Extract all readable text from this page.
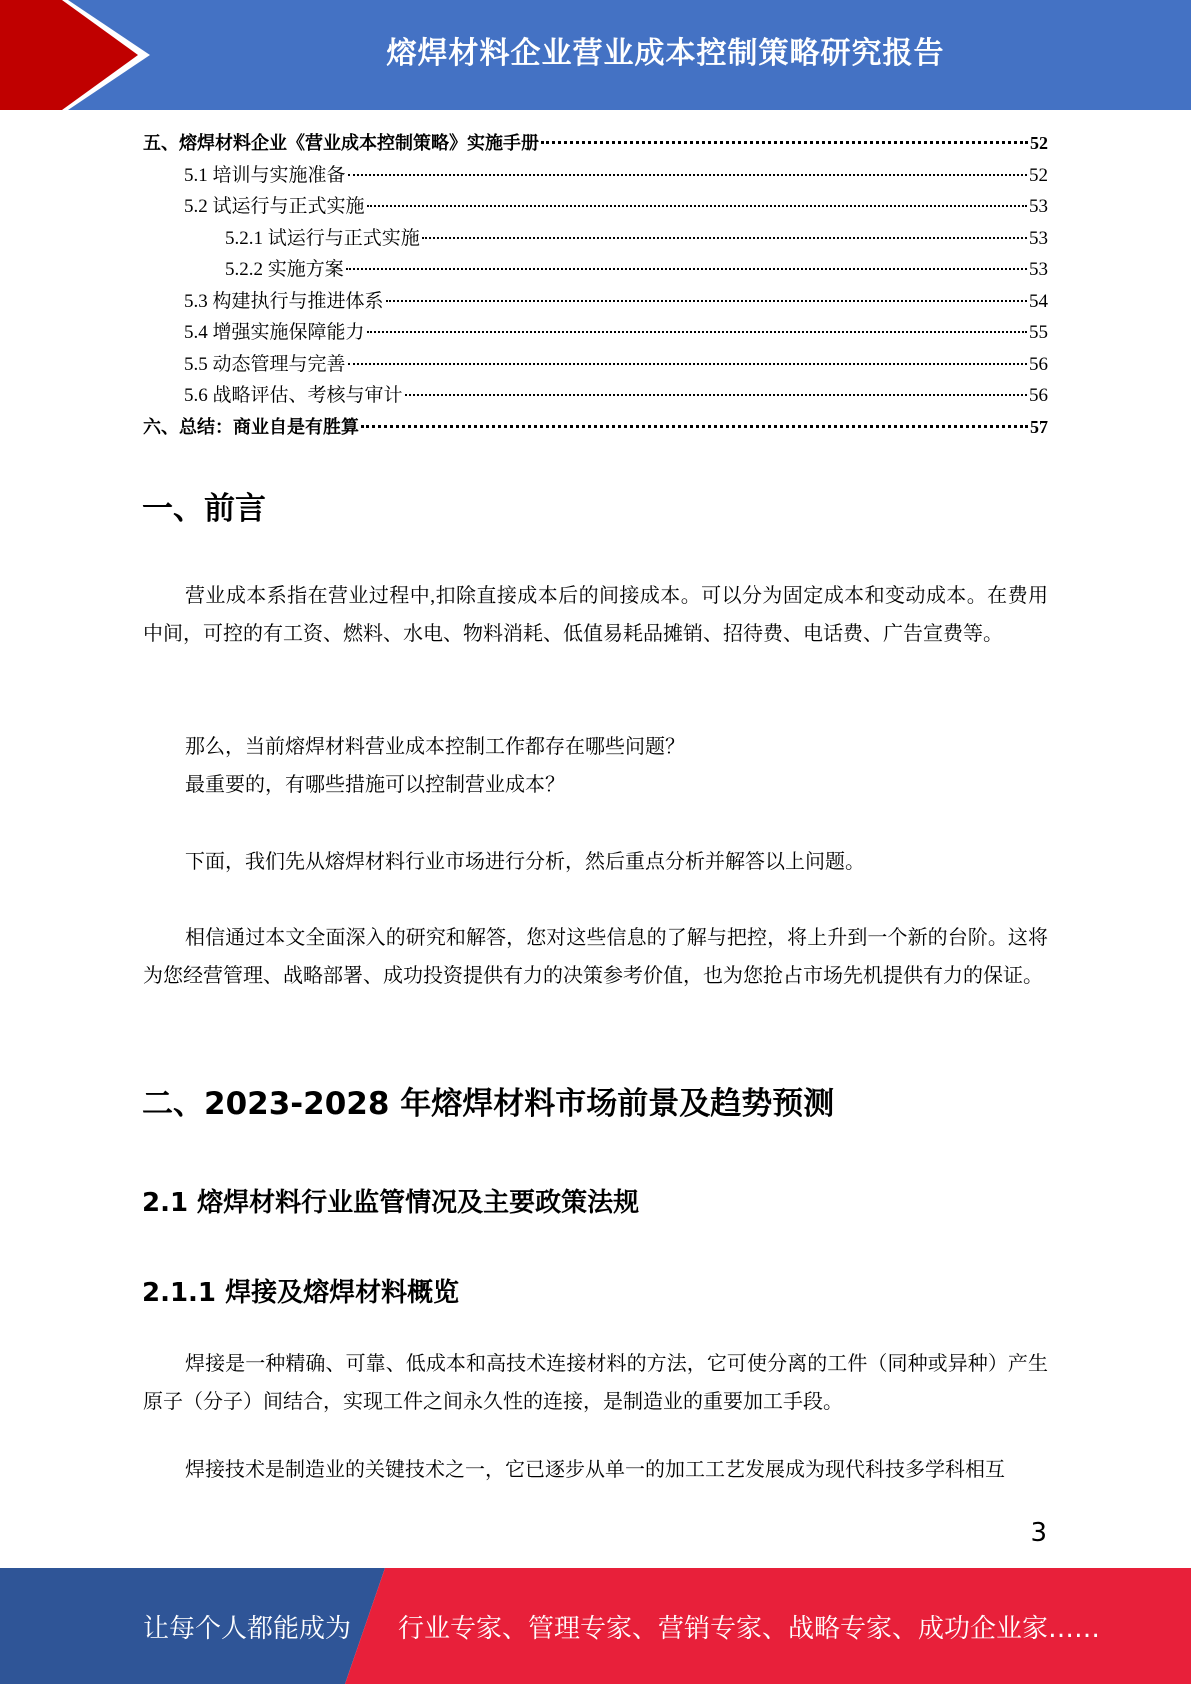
熔焊材料企业营业成本控制策略研究报告
五、熔焊材料企业《营业成本控制策略》实施手册	52
5.1 培训与实施准备	52
5.2 试运行与正式实施	53
5.2.1 试运行与正式实施	53
5.2.2 实施方案	53
5.3 构建执行与推进体系	54
5.4 增强实施保障能力	55
5.5 动态管理与完善	56
5.6 战略评估、考核与审计	56
六、总结：商业自是有胜算	57
一、前言

营业成本系指在营业过程中,扣除直接成本后的间接成本。可以分为固定成本和变动成本。在费用中间，可控的有工资、燃料、水电、物料消耗、低值易耗品摊销、招待费、电话费、广告宣费等。

那么，当前熔焊材料营业成本控制工作都存在哪些问题？

最重要的，有哪些措施可以控制营业成本？

下面，我们先从熔焊材料行业市场进行分析，然后重点分析并解答以上问题。

相信通过本文全面深入的研究和解答，您对这些信息的了解与把控，将上升到一个新的台阶。这将为您经营管理、战略部署、成功投资提供有力的决策参考价值，也为您抢占市场先机提供有力的保证。

二、2023-2028 年熔焊材料市场前景及趋势预测
2.1 熔焊材料行业监管情况及主要政策法规
2.1.1 焊接及熔焊材料概览

焊接是一种精确、可靠、低成本和高技术连接材料的方法，它可使分离的工件（同种或异种）产生原子（分子）间结合，实现工件之间永久性的连接，是制造业的重要加工手段。

焊接技术是制造业的关键技术之一，它已逐步从单一的加工工艺发展成为现代科技多学科相互

3
让每个人都能成为 行业专家、管理专家、营销专家、战略专家、成功企业家……
